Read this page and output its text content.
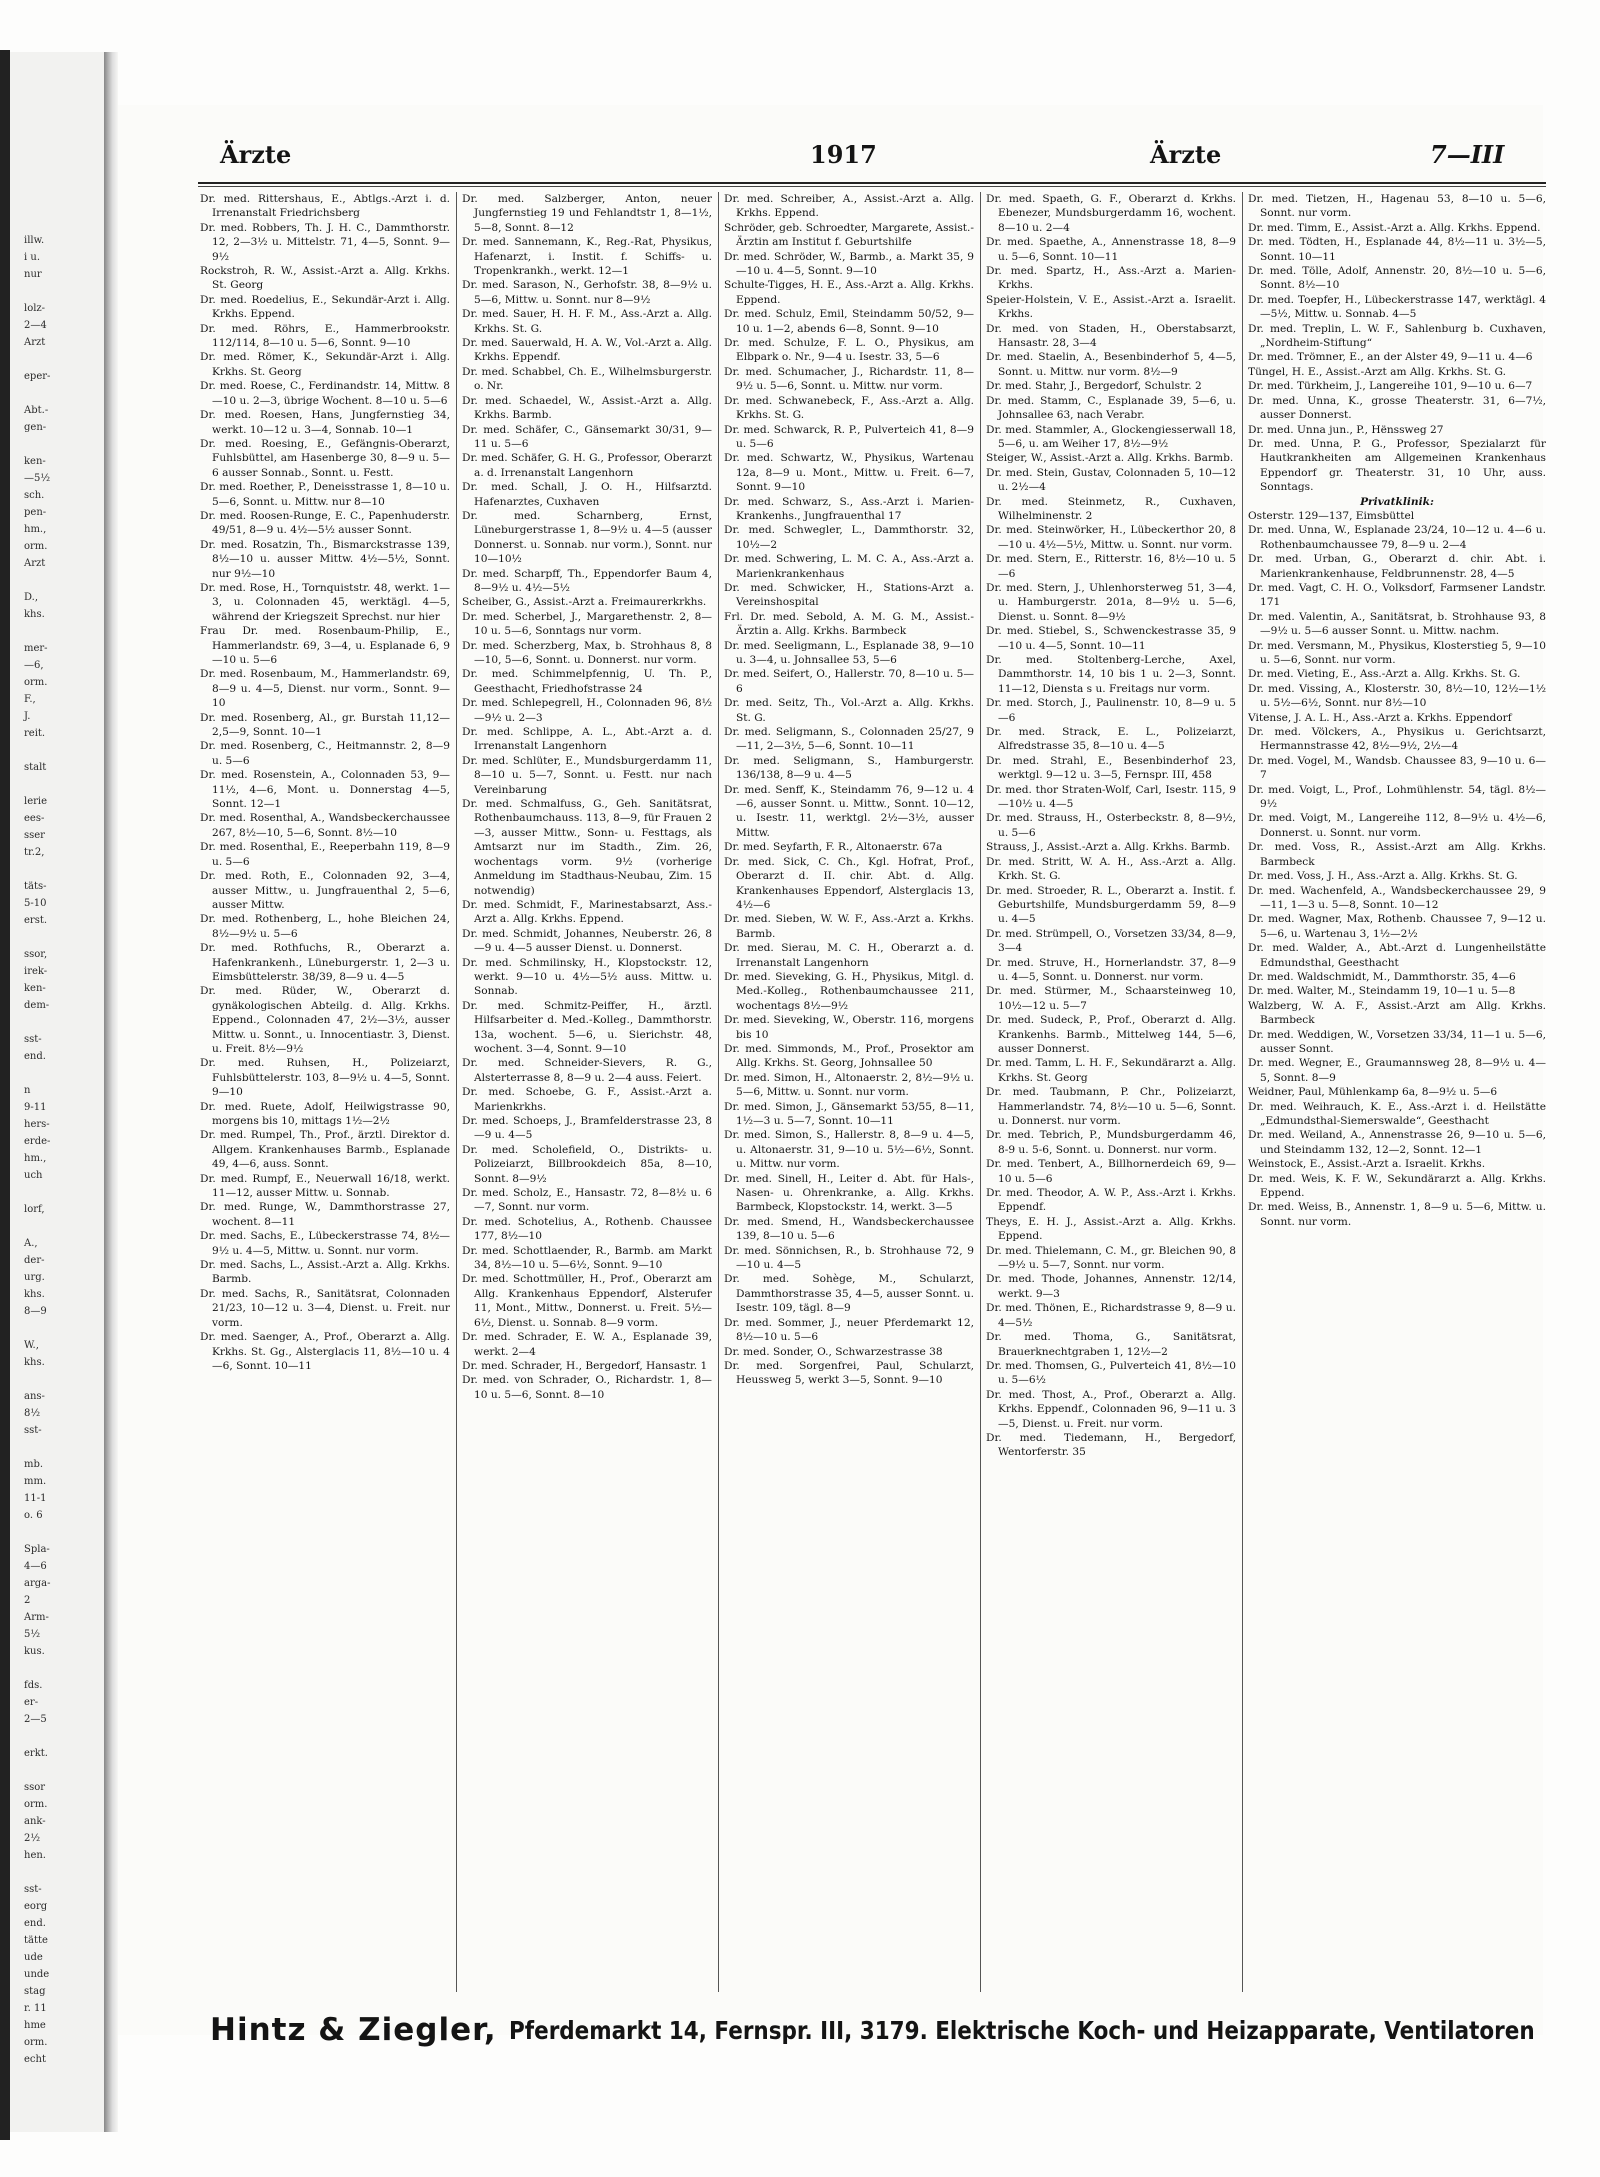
illw.
i u.
nur
lolz-
2—4
Arzt
eper-
Abt.-
gen-
ken-
—5½
sch.
pen-
hm.,
orm.
Arzt
D.,
khs.
mer-
—6,
orm.
F.,
J.
reit.
stalt
lerie
ees-
sser
tr.2,
täts-
5-10
erst.
ssor,
irek-
ken-
dem-
sst-
end.
n
9-11
hers-
erde-
hm.,
uch
lorf,
A.,
der-
urg.
khs.
8—9
W.,
khs.
ans-
8½
sst-
mb.
mm.
11-1
o. 6
Spla-
4—6
arga-
2
Arm-
5½
kus.
fds.
er-
2—5
erkt.
ssor
orm.
ank-
2½
hen.
sst-
eorg
end.
tätte
ude
unde
stag
r. 11
hme
orm.
echt
Ärzte	1917	Ärzte	7—III

Dr. med. Rittershaus, E., Abtlgs.-Arzt i. d. Irrenanstalt Friedrichsberg

Dr. med. Robbers, Th. J. H. C., Dammthorstr. 12, 2—3½ u. Mittelstr. 71, 4—5, Sonnt. 9—9½

Rockstroh, R. W., Assist.-Arzt a. Allg. Krkhs. St. Georg

Dr. med. Roedelius, E., Sekundär-Arzt i. Allg. Krkhs. Eppend.

Dr. med. Röhrs, E., Hammerbrookstr. 112/114, 8—10 u. 5—6, Sonnt. 9—10

Dr. med. Römer, K., Sekundär-Arzt i. Allg. Krkhs. St. Georg

Dr. med. Roese, C., Ferdinandstr. 14, Mittw. 8—10 u. 2—3, übrige Wochent. 8—10 u. 5—6

Dr. med. Roesen, Hans, Jungfernstieg 34, werkt. 10—12 u. 3—4, Sonnab. 10—1

Dr. med. Roesing, E., Gefängnis-Oberarzt, Fuhlsbüttel, am Hasenberge 30, 8—9 u. 5—6 ausser Sonnab., Sonnt. u. Festt.

Dr. med. Roether, P., Deneisstrasse 1, 8—10 u. 5—6, Sonnt. u. Mittw. nur 8—10

Dr. med. Roosen-Runge, E. C., Papenhuderstr. 49/51, 8—9 u. 4½—5½ ausser Sonnt.

Dr. med. Rosatzin, Th., Bismarckstrasse 139, 8½—10 u. ausser Mittw. 4½—5½, Sonnt. nur 9½—10

Dr. med. Rose, H., Tornquiststr. 48, werkt. 1—3, u. Colonnaden 45, werktägl. 4—5, während der Kriegszeit Sprechst. nur hier

Frau Dr. med. Rosenbaum-Philip, E., Hammerlandstr. 69, 3—4, u. Esplanade 6, 9—10 u. 5—6

Dr. med. Rosenbaum, M., Hammerlandstr. 69, 8—9 u. 4—5, Dienst. nur vorm., Sonnt. 9—10

Dr. med. Rosenberg, Al., gr. Burstah 11,12—2,5—9, Sonnt. 10—1

Dr. med. Rosenberg, C., Heitmannstr. 2, 8—9 u. 5—6

Dr. med. Rosenstein, A., Colonnaden 53, 9—11½, 4—6, Mont. u. Donnerstag 4—5, Sonnt. 12—1

Dr. med. Rosenthal, A., Wandsbeckerchaussee 267, 8½—10, 5—6, Sonnt. 8½—10

Dr. med. Rosenthal, E., Reeperbahn 119, 8—9 u. 5—6

Dr. med. Roth, E., Colonnaden 92, 3—4, ausser Mittw., u. Jungfrauenthal 2, 5—6, ausser Mittw.

Dr. med. Rothenberg, L., hohe Bleichen 24, 8½—9½ u. 5—6

Dr. med. Rothfuchs, R., Oberarzt a. Hafenkrankenh., Lüneburgerstr. 1, 2—3 u. Eimsbüttelerstr. 38/39, 8—9 u. 4—5

Dr. med. Rüder, W., Oberarzt d. gynäkologischen Abteilg. d. Allg. Krkhs. Eppend., Colonnaden 47, 2½—3½, ausser Mittw. u. Sonnt., u. Innocentiastr. 3, Dienst. u. Freit. 8½—9½

Dr. med. Ruhsen, H., Polizeiarzt, Fuhlsbüttelerstr. 103, 8—9½ u. 4—5, Sonnt. 9—10

Dr. med. Ruete, Adolf, Heilwigstrasse 90, morgens bis 10, mittags 1½—2½

Dr. med. Rumpel, Th., Prof., ärztl. Direktor d. Allgem. Krankenhauses Barmb., Esplanade 49, 4—6, auss. Sonnt.

Dr. med. Rumpf, E., Neuerwall 16/18, werkt. 11—12, ausser Mittw. u. Sonnab.

Dr. med. Runge, W., Dammthorstrasse 27, wochent. 8—11

Dr. med. Sachs, E., Lübeckerstrasse 74, 8½—9½ u. 4—5, Mittw. u. Sonnt. nur vorm.

Dr. med. Sachs, L., Assist.-Arzt a. Allg. Krkhs. Barmb.

Dr. med. Sachs, R., Sanitätsrat, Colonnaden 21/23, 10—12 u. 3—4, Dienst. u. Freit. nur vorm.

Dr. med. Saenger, A., Prof., Oberarzt a. Allg. Krkhs. St. Gg., Alsterglacis 11, 8½—10 u. 4—6, Sonnt. 10—11

Dr. med. Salzberger, Anton, neuer Jungfernstieg 19 und Fehlandtstr 1, 8—1½, 5—8, Sonnt. 8—12

Dr. med. Sannemann, K., Reg.-Rat, Physikus, Hafenarzt, i. Instit. f. Schiffs- u. Tropenkrankh., werkt. 12—1

Dr. med. Sarason, N., Gerhofstr. 38, 8—9½ u. 5—6, Mittw. u. Sonnt. nur 8—9½

Dr. med. Sauer, H. H. F. M., Ass.-Arzt a. Allg. Krkhs. St. G.

Dr. med. Sauerwald, H. A. W., Vol.-Arzt a. Allg. Krkhs. Eppendf.

Dr. med. Schabbel, Ch. E., Wilhelmsburgerstr. o. Nr.

Dr. med. Schaedel, W., Assist.-Arzt a. Allg. Krkhs. Barmb.

Dr. med. Schäfer, C., Gänsemarkt 30/31, 9—11 u. 5—6

Dr. med. Schäfer, G. H. G., Professor, Oberarzt a. d. Irrenanstalt Langenhorn

Dr. med. Schall, J. O. H., Hilfsarztd. Hafenarztes, Cuxhaven

Dr. med. Scharnberg, Ernst, Lüneburgerstrasse 1, 8—9½ u. 4—5 (ausser Donnerst. u. Sonnab. nur vorm.), Sonnt. nur 10—10½

Dr. med. Scharpff, Th., Eppendorfer Baum 4, 8—9½ u. 4½—5½

Scheiber, G., Assist.-Arzt a. Freimaurerkrkhs.

Dr. med. Scherbel, J., Margarethenstr. 2, 8—10 u. 5—6, Sonntags nur vorm.

Dr. med. Scherzberg, Max, b. Strohhaus 8, 8—10, 5—6, Sonnt. u. Donnerst. nur vorm.

Dr. med. Schimmelpfennig, U. Th. P., Geesthacht, Friedhofstrasse 24

Dr. med. Schlepegrell, H., Colonnaden 96, 8½—9½ u. 2—3

Dr. med. Schlippe, A. L., Abt.-Arzt a. d. Irrenanstalt Langenhorn

Dr. med. Schlüter, E., Mundsburgerdamm 11, 8—10 u. 5—7, Sonnt. u. Festt. nur nach Vereinbarung

Dr. med. Schmalfuss, G., Geh. Sanitätsrat, Rothenbaumchauss. 113, 8—9, für Frauen 2—3, ausser Mittw., Sonn- u. Festtags, als Amtsarzt nur im Stadth., Zim. 26, wochentags vorm. 9½ (vorherige Anmeldung im Stadthaus-Neubau, Zim. 15 notwendig)

Dr. med. Schmidt, F., Marinestabsarzt, Ass.-Arzt a. Allg. Krkhs. Eppend.

Dr. med. Schmidt, Johannes, Neuberstr. 26, 8—9 u. 4—5 ausser Dienst. u. Donnerst.

Dr. med. Schmilinsky, H., Klopstockstr. 12, werkt. 9—10 u. 4½—5½ auss. Mittw. u. Sonnab.

Dr. med. Schmitz-Peiffer, H., ärztl. Hilfsarbeiter d. Med.-Kolleg., Dammthorstr. 13a, wochent. 5—6, u. Sierichstr. 48, wochent. 3—4, Sonnt. 9—10

Dr. med. Schneider-Sievers, R. G., Alsterterrasse 8, 8—9 u. 2—4 auss. Feiert.

Dr. med. Schoebe, G. F., Assist.-Arzt a. Marienkrkhs.

Dr. med. Schoeps, J., Bramfelderstrasse 23, 8—9 u. 4—5

Dr. med. Scholefield, O., Distrikts- u. Polizeiarzt, Billbrookdeich 85a, 8—10, Sonnt. 8—9½

Dr. med. Scholz, E., Hansastr. 72, 8—8½ u. 6—7, Sonnt. nur vorm.

Dr. med. Schotelius, A., Rothenb. Chaussee 177, 8½—10

Dr. med. Schottlaender, R., Barmb. am Markt 34, 8½—10 u. 5—6½, Sonnt. 9—10

Dr. med. Schottmüller, H., Prof., Oberarzt am Allg. Krankenhaus Eppendorf, Alsterufer 11, Mont., Mittw., Donnerst. u. Freit. 5½—6½, Dienst. u. Sonnab. 8—9 vorm.

Dr. med. Schrader, E. W. A., Esplanade 39, werkt. 2—4

Dr. med. Schrader, H., Bergedorf, Hansastr. 1

Dr. med. von Schrader, O., Richardstr. 1, 8—10 u. 5—6, Sonnt. 8—10

Dr. med. Schreiber, A., Assist.-Arzt a. Allg. Krkhs. Eppend.

Schröder, geb. Schroedter, Margarete, Assist.-Ärztin am Institut f. Geburtshilfe

Dr. med. Schröder, W., Barmb., a. Markt 35, 9—10 u. 4—5, Sonnt. 9—10

Schulte-Tigges, H. E., Ass.-Arzt a. Allg. Krkhs. Eppend.

Dr. med. Schulz, Emil, Steindamm 50/52, 9—10 u. 1—2, abends 6—8, Sonnt. 9—10

Dr. med. Schulze, F. L. O., Physikus, am Elbpark o. Nr., 9—4 u. Isestr. 33, 5—6

Dr. med. Schumacher, J., Richardstr. 11, 8—9½ u. 5—6, Sonnt. u. Mittw. nur vorm.

Dr. med. Schwanebeck, F., Ass.-Arzt a. Allg. Krkhs. St. G.

Dr. med. Schwarck, R. P., Pulverteich 41, 8—9 u. 5—6

Dr. med. Schwartz, W., Physikus, Wartenau 12a, 8—9 u. Mont., Mittw. u. Freit. 6—7, Sonnt. 9—10

Dr. med. Schwarz, S., Ass.-Arzt i. Marien-Krankenhs., Jungfrauenthal 17

Dr. med. Schwegler, L., Dammthorstr. 32, 10½—2

Dr. med. Schwering, L. M. C. A., Ass.-Arzt a. Marienkrankenhaus

Dr. med. Schwicker, H., Stations-Arzt a. Vereinshospital

Frl. Dr. med. Sebold, A. M. G. M., Assist.-Ärztin a. Allg. Krkhs. Barmbeck

Dr. med. Seeligmann, L., Esplanade 38, 9—10 u. 3—4, u. Johnsallee 53, 5—6

Dr. med. Seifert, O., Hallerstr. 70, 8—10 u. 5—6

Dr. med. Seitz, Th., Vol.-Arzt a. Allg. Krkhs. St. G.

Dr. med. Seligmann, S., Colonnaden 25/27, 9—11, 2—3½, 5—6, Sonnt. 10—11

Dr. med. Seligmann, S., Hamburgerstr. 136/138, 8—9 u. 4—5

Dr. med. Senff, K., Steindamm 76, 9—12 u. 4—6, ausser Sonnt. u. Mittw., Sonnt. 10—12, u. Isestr. 11, werktgl. 2½—3½, ausser Mittw.

Dr. med. Seyfarth, F. R., Altonaerstr. 67a

Dr. med. Sick, C. Ch., Kgl. Hofrat, Prof., Oberarzt d. II. chir. Abt. d. Allg. Krankenhauses Eppendorf, Alsterglacis 13, 4½—6

Dr. med. Sieben, W. W. F., Ass.-Arzt a. Krkhs. Barmb.

Dr. med. Sierau, M. C. H., Oberarzt a. d. Irrenanstalt Langenhorn

Dr. med. Sieveking, G. H., Physikus, Mitgl. d. Med.-Kolleg., Rothenbaumchaussee 211, wochentags 8½—9½

Dr. med. Sieveking, W., Oberstr. 116, morgens bis 10

Dr. med. Simmonds, M., Prof., Prosektor am Allg. Krkhs. St. Georg, Johnsallee 50

Dr. med. Simon, H., Altonaerstr. 2, 8½—9½ u. 5—6, Mittw. u. Sonnt. nur vorm.

Dr. med. Simon, J., Gänsemarkt 53/55, 8—11, 1½—3 u. 5—7, Sonnt. 10—11

Dr. med. Simon, S., Hallerstr. 8, 8—9 u. 4—5, u. Altonaerstr. 31, 9—10 u. 5½—6½, Sonnt. u. Mittw. nur vorm.

Dr. med. Sinell, H., Leiter d. Abt. für Hals-, Nasen- u. Ohrenkranke, a. Allg. Krkhs. Barmbeck, Klopstockstr. 14, werkt. 3—5

Dr. med. Smend, H., Wandsbeckerchaussee 139, 8—10 u. 5—6

Dr. med. Sönnichsen, R., b. Strohhause 72, 9—10 u. 4—5

Dr. med. Sohège, M., Schularzt, Dammthorstrasse 35, 4—5, ausser Sonnt. u. Isestr. 109, tägl. 8—9

Dr. med. Sommer, J., neuer Pferdemarkt 12, 8½—10 u. 5—6

Dr. med. Sonder, O., Schwarzestrasse 38

Dr. med. Sorgenfrei, Paul, Schularzt, Heussweg 5, werkt 3—5, Sonnt. 9—10

Dr. med. Spaeth, G. F., Oberarzt d. Krkhs. Ebenezer, Mundsburgerdamm 16, wochent. 8—10 u. 2—4

Dr. med. Spaethe, A., Annenstrasse 18, 8—9 u. 5—6, Sonnt. 10—11

Dr. med. Spartz, H., Ass.-Arzt a. Marien-Krkhs.

Speier-Holstein, V. E., Assist.-Arzt a. Israelit. Krkhs.

Dr. med. von Staden, H., Oberstabsarzt, Hansastr. 28, 3—4

Dr. med. Staelin, A., Besenbinderhof 5, 4—5, Sonnt. u. Mittw. nur vorm. 8½—9

Dr. med. Stahr, J., Bergedorf, Schulstr. 2

Dr. med. Stamm, C., Esplanade 39, 5—6, u. Johnsallee 63, nach Verabr.

Dr. med. Stammler, A., Glockengiesserwall 18, 5—6, u. am Weiher 17, 8½—9½

Steiger, W., Assist.-Arzt a. Allg. Krkhs. Barmb.

Dr. med. Stein, Gustav, Colonnaden 5, 10—12 u. 2½—4

Dr. med. Steinmetz, R., Cuxhaven, Wilhelminenstr. 2

Dr. med. Steinwörker, H., Lübeckerthor 20, 8—10 u. 4½—5½, Mittw. u. Sonnt. nur vorm.

Dr. med. Stern, E., Ritterstr. 16, 8½—10 u. 5—6

Dr. med. Stern, J., Uhlenhorsterweg 51, 3—4, u. Hamburgerstr. 201a, 8—9½ u. 5—6, Dienst. u. Sonnt. 8—9½

Dr. med. Stiebel, S., Schwenckestrasse 35, 9—10 u. 4—5, Sonnt. 10—11

Dr. med. Stoltenberg-Lerche, Axel, Dammthorstr. 14, 10 bis 1 u. 2—3, Sonnt. 11—12, Diensta s u. Freitags nur vorm.

Dr. med. Storch, J., Paulinenstr. 10, 8—9 u. 5—6

Dr. med. Strack, E. L., Polizeiarzt, Alfredstrasse 35, 8—10 u. 4—5

Dr. med. Strahl, E., Besenbinderhof 23, werktgl. 9—12 u. 3—5, Fernspr. III, 458

Dr. med. thor Straten-Wolf, Carl, Isestr. 115, 9—10½ u. 4—5

Dr. med. Strauss, H., Osterbeckstr. 8, 8—9½, u. 5—6

Strauss, J., Assist.-Arzt a. Allg. Krkhs. Barmb.

Dr. med. Stritt, W. A. H., Ass.-Arzt a. Allg. Krkh. St. G.

Dr. med. Stroeder, R. L., Oberarzt a. Instit. f. Geburtshilfe, Mundsburgerdamm 59, 8—9 u. 4—5

Dr. med. Strümpell, O., Vorsetzen 33/34, 8—9, 3—4

Dr. med. Struve, H., Hornerlandstr. 37, 8—9 u. 4—5, Sonnt. u. Donnerst. nur vorm.

Dr. med. Stürmer, M., Schaarsteinweg 10, 10½—12 u. 5—7

Dr. med. Sudeck, P., Prof., Oberarzt d. Allg. Krankenhs. Barmb., Mittelweg 144, 5—6, ausser Donnerst.

Dr. med. Tamm, L. H. F., Sekundärarzt a. Allg. Krkhs. St. Georg

Dr. med. Taubmann, P. Chr., Polizeiarzt, Hammerlandstr. 74, 8½—10 u. 5—6, Sonnt. u. Donnerst. nur vorm.

Dr. med. Tebrich, P., Mundsburgerdamm 46, 8-9 u. 5-6, Sonnt. u. Donnerst. nur vorm.

Dr. med. Tenbert, A., Billhornerdeich 69, 9—10 u. 5—6

Dr. med. Theodor, A. W. P., Ass.-Arzt i. Krkhs. Eppendf.

Theys, E. H. J., Assist.-Arzt a. Allg. Krkhs. Eppend.

Dr. med. Thielemann, C. M., gr. Bleichen 90, 8—9½ u. 5—7, Sonnt. nur vorm.

Dr. med. Thode, Johannes, Annenstr. 12/14, werkt. 9—3

Dr. med. Thönen, E., Richardstrasse 9, 8—9 u. 4—5½

Dr. med. Thoma, G., Sanitätsrat, Brauerknechtgraben 1, 12½—2

Dr. med. Thomsen, G., Pulverteich 41, 8½—10 u. 5—6½

Dr. med. Thost, A., Prof., Oberarzt a. Allg. Krkhs. Eppendf., Colonnaden 96, 9—11 u. 3—5, Dienst. u. Freit. nur vorm.

Dr. med. Tiedemann, H., Bergedorf, Wentorferstr. 35

Dr. med. Tietzen, H., Hagenau 53, 8—10 u. 5—6, Sonnt. nur vorm.

Dr. med. Timm, E., Assist.-Arzt a. Allg. Krkhs. Eppend.

Dr. med. Tödten, H., Esplanade 44, 8½—11 u. 3½—5, Sonnt. 10—11

Dr. med. Tölle, Adolf, Annenstr. 20, 8½—10 u. 5—6, Sonnt. 8½—10

Dr. med. Toepfer, H., Lübeckerstrasse 147, werktägl. 4—5½, Mittw. u. Sonnab. 4—5

Dr. med. Treplin, L. W. F., Sahlenburg b. Cuxhaven, „Nordheim-Stiftung“

Dr. med. Trömner, E., an der Alster 49, 9—11 u. 4—6

Tüngel, H. E., Assist.-Arzt am Allg. Krkhs. St. G.

Dr. med. Türkheim, J., Langereihe 101, 9—10 u. 6—7

Dr. med. Unna, K., grosse Theaterstr. 31, 6—7½, ausser Donnerst.

Dr. med. Unna jun., P., Hënssweg 27

Dr. med. Unna, P. G., Professor, Spezialarzt für Hautkrankheiten am Allgemeinen Krankenhaus Eppendorf gr. Theaterstr. 31, 10 Uhr, auss. Sonntags.

Privatklinik:

Osterstr. 129—137, Eimsbüttel

Dr. med. Unna, W., Esplanade 23/24, 10—12 u. 4—6 u. Rothenbaumchaussee 79, 8—9 u. 2—4

Dr. med. Urban, G., Oberarzt d. chir. Abt. i. Marienkrankenhause, Feldbrunnenstr. 28, 4—5

Dr. med. Vagt, C. H. O., Volksdorf, Farmsener Landstr. 171

Dr. med. Valentin, A., Sanitätsrat, b. Strohhause 93, 8—9½ u. 5—6 ausser Sonnt. u. Mittw. nachm.

Dr. med. Versmann, M., Physikus, Klosterstieg 5, 9—10 u. 5—6, Sonnt. nur vorm.

Dr. med. Vieting, E., Ass.-Arzt a. Allg. Krkhs. St. G.

Dr. med. Vissing, A., Klosterstr. 30, 8½—10, 12½—1½ u. 5½—6½, Sonnt. nur 8½—10

Vitense, J. A. L. H., Ass.-Arzt a. Krkhs. Eppendorf

Dr. med. Völckers, A., Physikus u. Gerichtsarzt, Hermannstrasse 42, 8½—9½, 2½—4

Dr. med. Vogel, M., Wandsb. Chaussee 83, 9—10 u. 6—7

Dr. med. Voigt, L., Prof., Lohmühlenstr. 54, tägl. 8½—9½

Dr. med. Voigt, M., Langereihe 112, 8—9½ u. 4½—6, Donnerst. u. Sonnt. nur vorm.

Dr. med. Voss, R., Assist.-Arzt am Allg. Krkhs. Barmbeck

Dr. med. Voss, J. H., Ass.-Arzt a. Allg. Krkhs. St. G.

Dr. med. Wachenfeld, A., Wandsbeckerchaussee 29, 9—11, 1—3 u. 5—8, Sonnt. 10—12

Dr. med. Wagner, Max, Rothenb. Chaussee 7, 9—12 u. 5—6, u. Wartenau 3, 1½—2½

Dr. med. Walder, A., Abt.-Arzt d. Lungenheilstätte Edmundsthal, Geesthacht

Dr. med. Waldschmidt, M., Dammthorstr. 35, 4—6

Dr. med. Walter, M., Steindamm 19, 10—1 u. 5—8

Walzberg, W. A. F., Assist.-Arzt am Allg. Krkhs. Barmbeck

Dr. med. Weddigen, W., Vorsetzen 33/34, 11—1 u. 5—6, ausser Sonnt.

Dr. med. Wegner, E., Graumannsweg 28, 8—9½ u. 4—5, Sonnt. 8—9

Weidner, Paul, Mühlenkamp 6a, 8—9½ u. 5—6

Dr. med. Weihrauch, K. E., Ass.-Arzt i. d. Heilstätte „Edmundsthal-Siemerswalde“, Geesthacht

Dr. med. Weiland, A., Annenstrasse 26, 9—10 u. 5—6, und Steindamm 132, 12—2, Sonnt. 12—1

Weinstock, E., Assist.-Arzt a. Israelit. Krkhs.

Dr. med. Weis, K. F. W., Sekundärarzt a. Allg. Krkhs. Eppend.

Dr. med. Weiss, B., Annenstr. 1, 8—9 u. 5—6, Mittw. u. Sonnt. nur vorm.

Hintz & Ziegler, Pferdemarkt 14, Fernspr. III, 3179. Elektrische Koch- und Heizapparate, Ventilatoren
